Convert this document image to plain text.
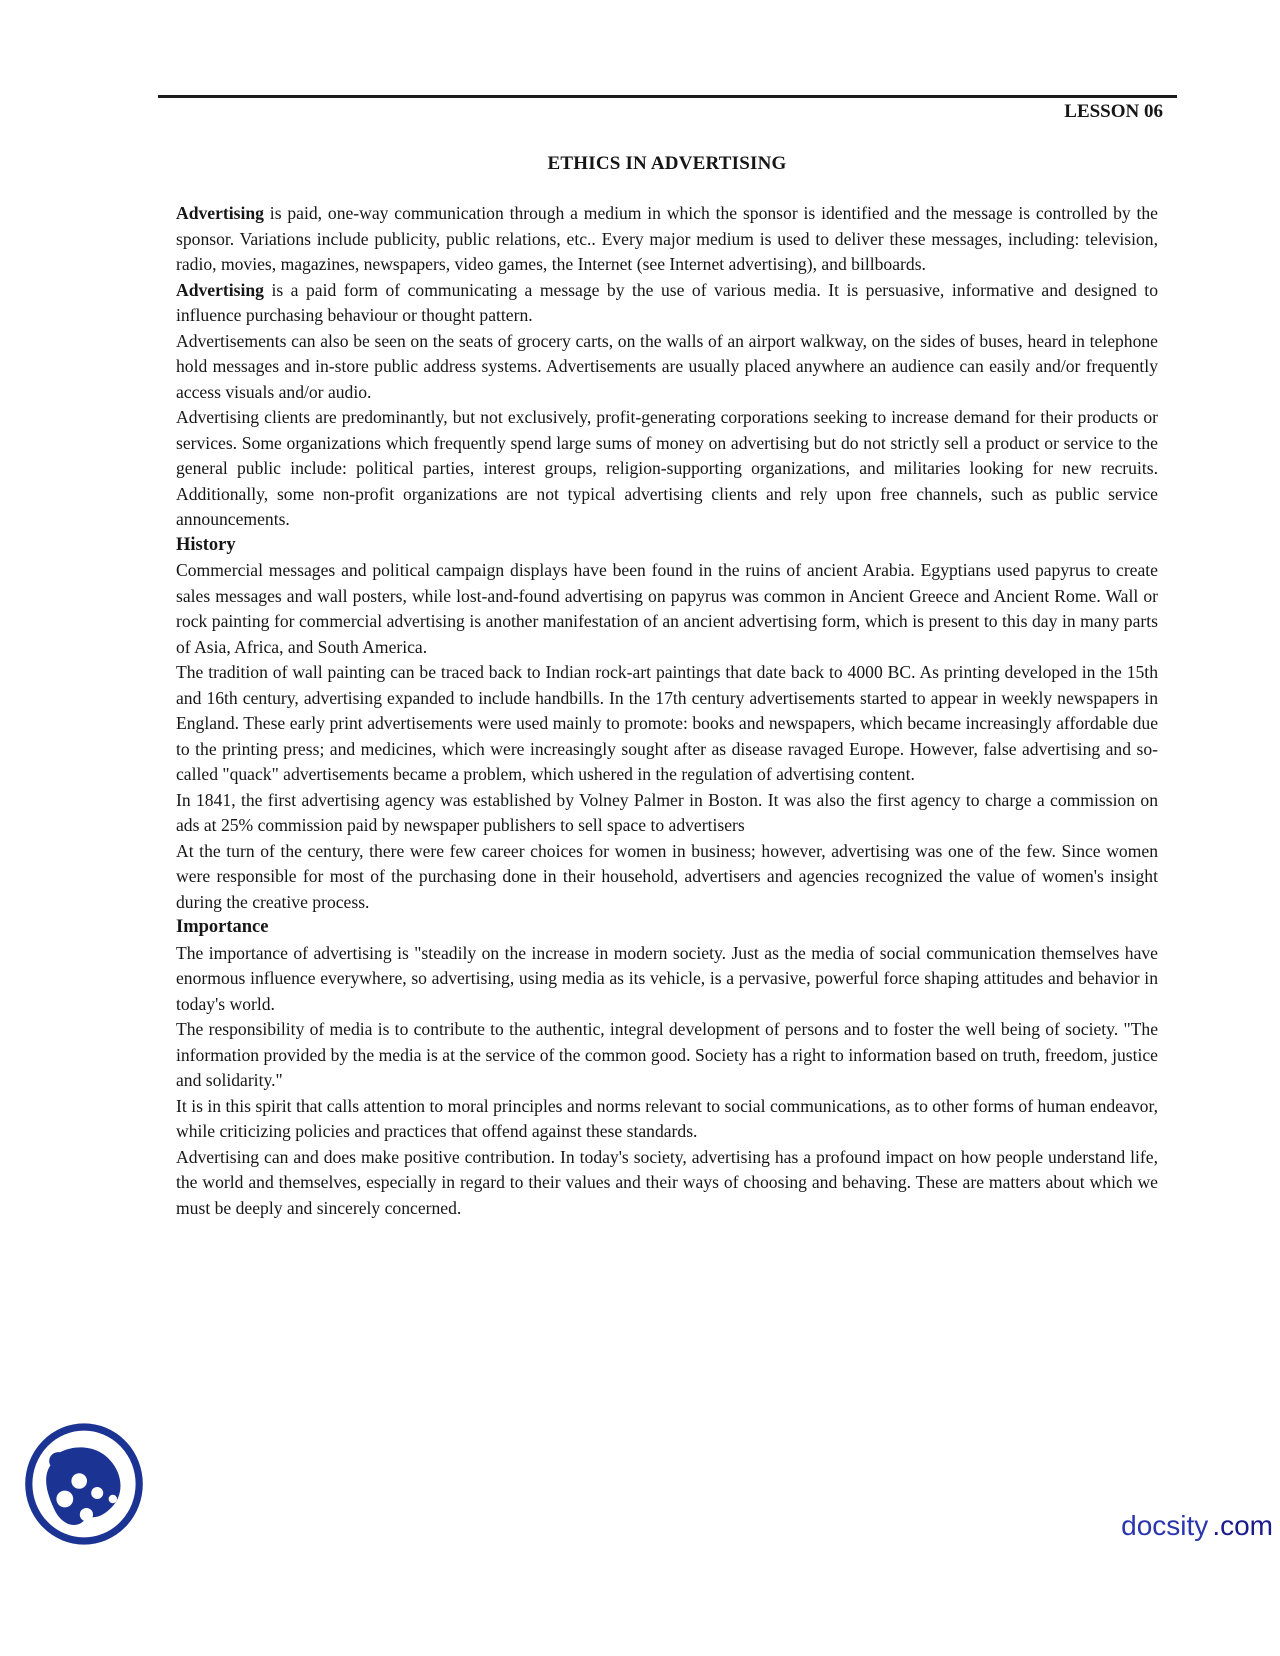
LESSON 06
ETHICS IN ADVERTISING

Advertising is paid, one-way communication through a medium in which the sponsor is identified and the message is controlled by the sponsor. Variations include publicity, public relations, etc.. Every major medium is used to deliver these messages, including: television, radio, movies, magazines, newspapers, video games, the Internet (see Internet advertising), and billboards.

Advertising is a paid form of communicating a message by the use of various media. It is persuasive, informative and designed to influence purchasing behaviour or thought pattern.

Advertisements can also be seen on the seats of grocery carts, on the walls of an airport walkway, on the sides of buses, heard in telephone hold messages and in-store public address systems. Advertisements are usually placed anywhere an audience can easily and/or frequently access visuals and/or audio.

Advertising clients are predominantly, but not exclusively, profit-generating corporations seeking to increase demand for their products or services. Some organizations which frequently spend large sums of money on advertising but do not strictly sell a product or service to the general public include: political parties, interest groups, religion-supporting organizations, and militaries looking for new recruits. Additionally, some non-profit organizations are not typical advertising clients and rely upon free channels, such as public service announcements.

History

Commercial messages and political campaign displays have been found in the ruins of ancient Arabia. Egyptians used papyrus to create sales messages and wall posters, while lost-and-found advertising on papyrus was common in Ancient Greece and Ancient Rome. Wall or rock painting for commercial advertising is another manifestation of an ancient advertising form, which is present to this day in many parts of Asia, Africa, and South America.

The tradition of wall painting can be traced back to Indian rock-art paintings that date back to 4000 BC. As printing developed in the 15th and 16th century, advertising expanded to include handbills. In the 17th century advertisements started to appear in weekly newspapers in England. These early print advertisements were used mainly to promote: books and newspapers, which became increasingly affordable due to the printing press; and medicines, which were increasingly sought after as disease ravaged Europe. However, false advertising and so-called "quack" advertisements became a problem, which ushered in the regulation of advertising content.

In 1841, the first advertising agency was established by Volney Palmer in Boston. It was also the first agency to charge a commission on ads at 25% commission paid by newspaper publishers to sell space to advertisers

At the turn of the century, there were few career choices for women in business; however, advertising was one of the few. Since women were responsible for most of the purchasing done in their household, advertisers and agencies recognized the value of women's insight during the creative process.

Importance

The importance of advertising is "steadily on the increase in modern society. Just as the media of social communication themselves have enormous influence everywhere, so advertising, using media as its vehicle, is a pervasive, powerful force shaping attitudes and behavior in today's world.

The responsibility of media is to contribute to the authentic, integral development of persons and to foster the well being of society. "The information provided by the media is at the service of the common good. Society has a right to information based on truth, freedom, justice and solidarity."

It is in this spirit that calls attention to moral principles and norms relevant to social communications, as to other forms of human endeavor, while criticizing policies and practices that offend against these standards.

Advertising can and does make positive contribution. In today's society, advertising has a profound impact on how people understand life, the world and themselves, especially in regard to their values and their ways of choosing and behaving. These are matters about which we must be deeply and sincerely concerned.

docsity .com
